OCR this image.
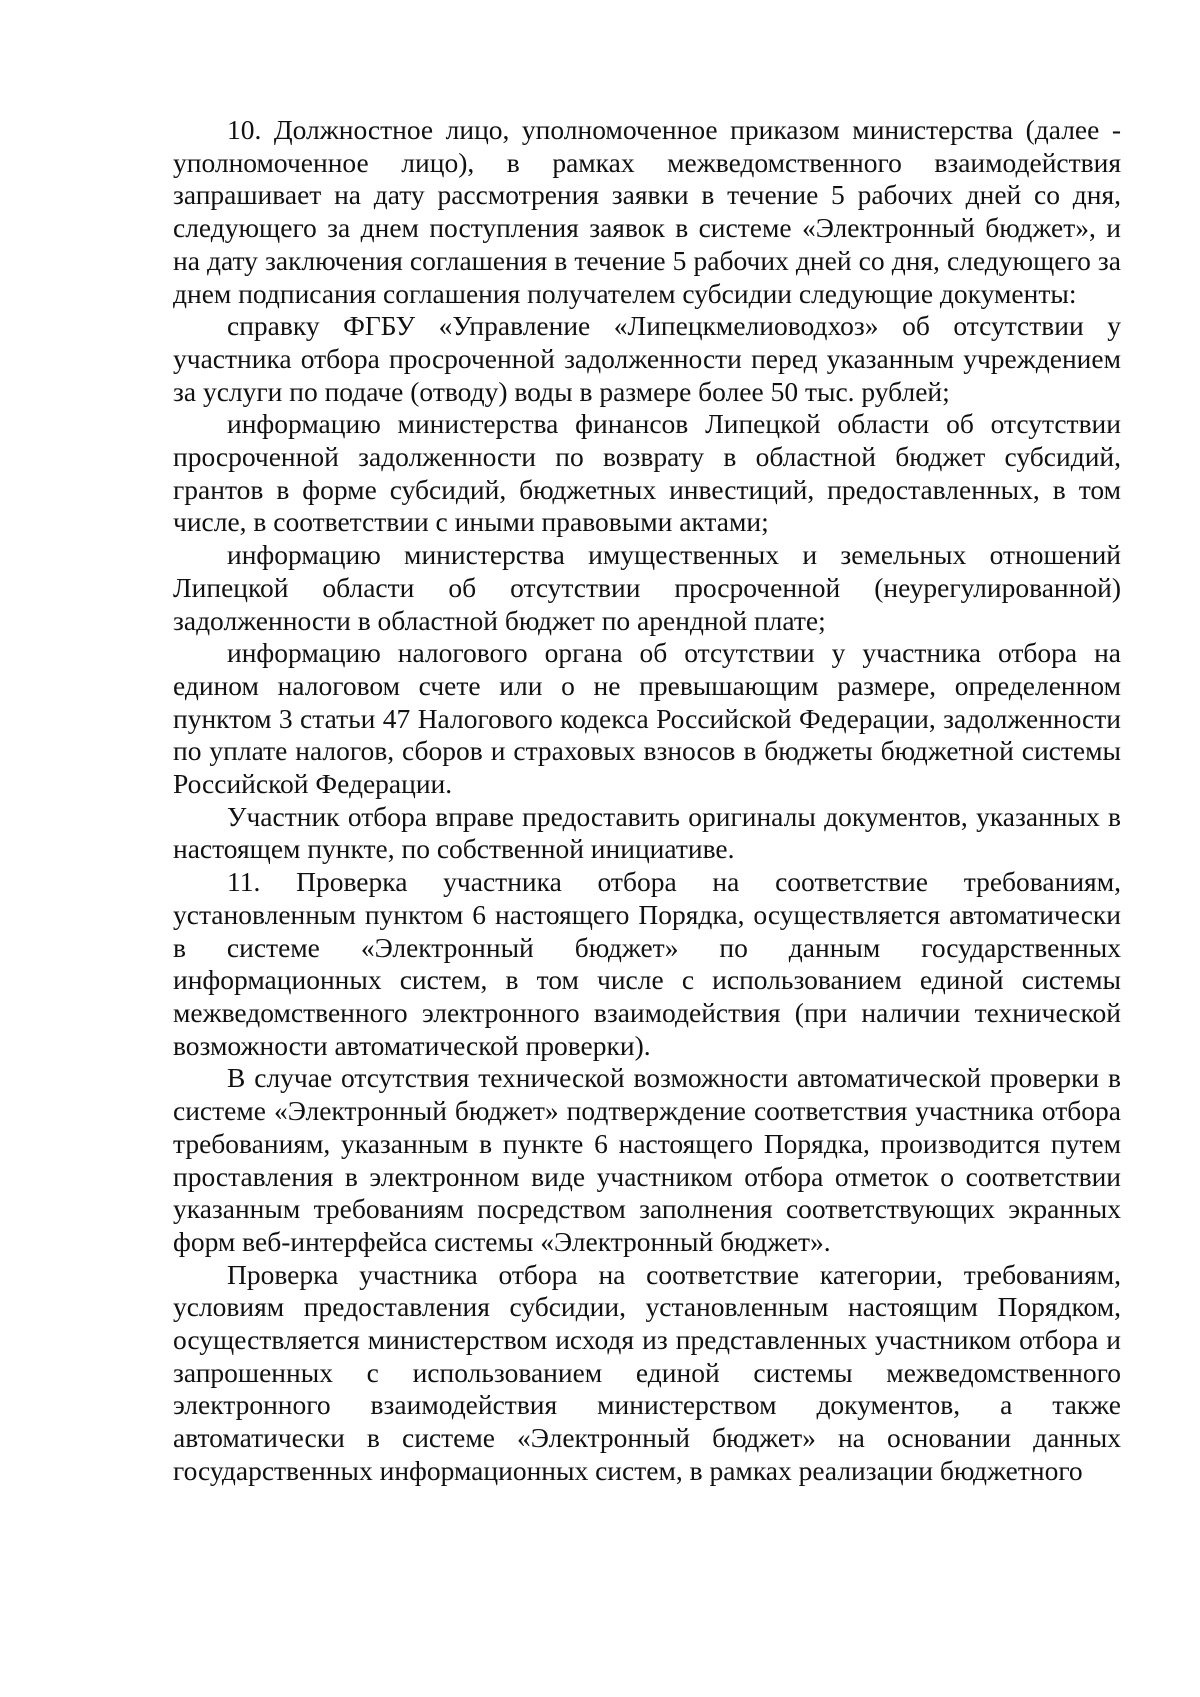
10. Должностное лицо, уполномоченное приказом министерства (далее - уполномоченное лицо), в рамках межведомственного взаимодействия запрашивает на дату рассмотрения заявки в течение 5 рабочих дней со дня, следующего за днем поступления заявок в системе «Электронный бюджет», и на дату заключения соглашения в течение 5 рабочих дней со дня, следующего за днем подписания соглашения получателем субсидии следующие документы:

справку ФГБУ «Управление «Липецкмелиоводхоз» об отсутствии у участника отбора просроченной задолженности перед указанным учреждением за услуги по подаче (отводу) воды в размере более 50 тыс. рублей;

информацию министерства финансов Липецкой области об отсутствии просроченной задолженности по возврату в областной бюджет субсидий, грантов в форме субсидий, бюджетных инвестиций, предоставленных, в том числе, в соответствии с иными правовыми актами;

информацию министерства имущественных и земельных отношений Липецкой области об отсутствии просроченной (неурегулированной) задолженности в областной бюджет по арендной плате;

информацию налогового органа об отсутствии у участника отбора на едином налоговом счете или о не превышающим размере, определенном пунктом 3 статьи 47 Налогового кодекса Российской Федерации, задолженности по уплате налогов, сборов и страховых взносов в бюджеты бюджетной системы Российской Федерации.

Участник отбора вправе предоставить оригиналы документов, указанных в настоящем пункте, по собственной инициативе.

11. Проверка участника отбора на соответствие требованиям, установленным пунктом 6 настоящего Порядка, осуществляется автоматически в системе «Электронный бюджет» по данным государственных информационных систем, в том числе с использованием единой системы межведомственного электронного взаимодействия (при наличии технической возможности автоматической проверки).

В случае отсутствия технической возможности автоматической проверки в системе «Электронный бюджет» подтверждение соответствия участника отбора требованиям, указанным в пункте 6 настоящего Порядка, производится путем проставления в электронном виде участником отбора отметок о соответствии указанным требованиям посредством заполнения соответствующих экранных форм веб-интерфейса системы «Электронный бюджет».

Проверка участника отбора на соответствие категории, требованиям, условиям предоставления субсидии, установленным настоящим Порядком, осуществляется министерством исходя из представленных участником отбора и запрошенных с использованием единой системы межведомственного электронного взаимодействия министерством документов, а также автоматически в системе «Электронный бюджет» на основании данных государственных информационных систем, в рамках реализации бюджетного
